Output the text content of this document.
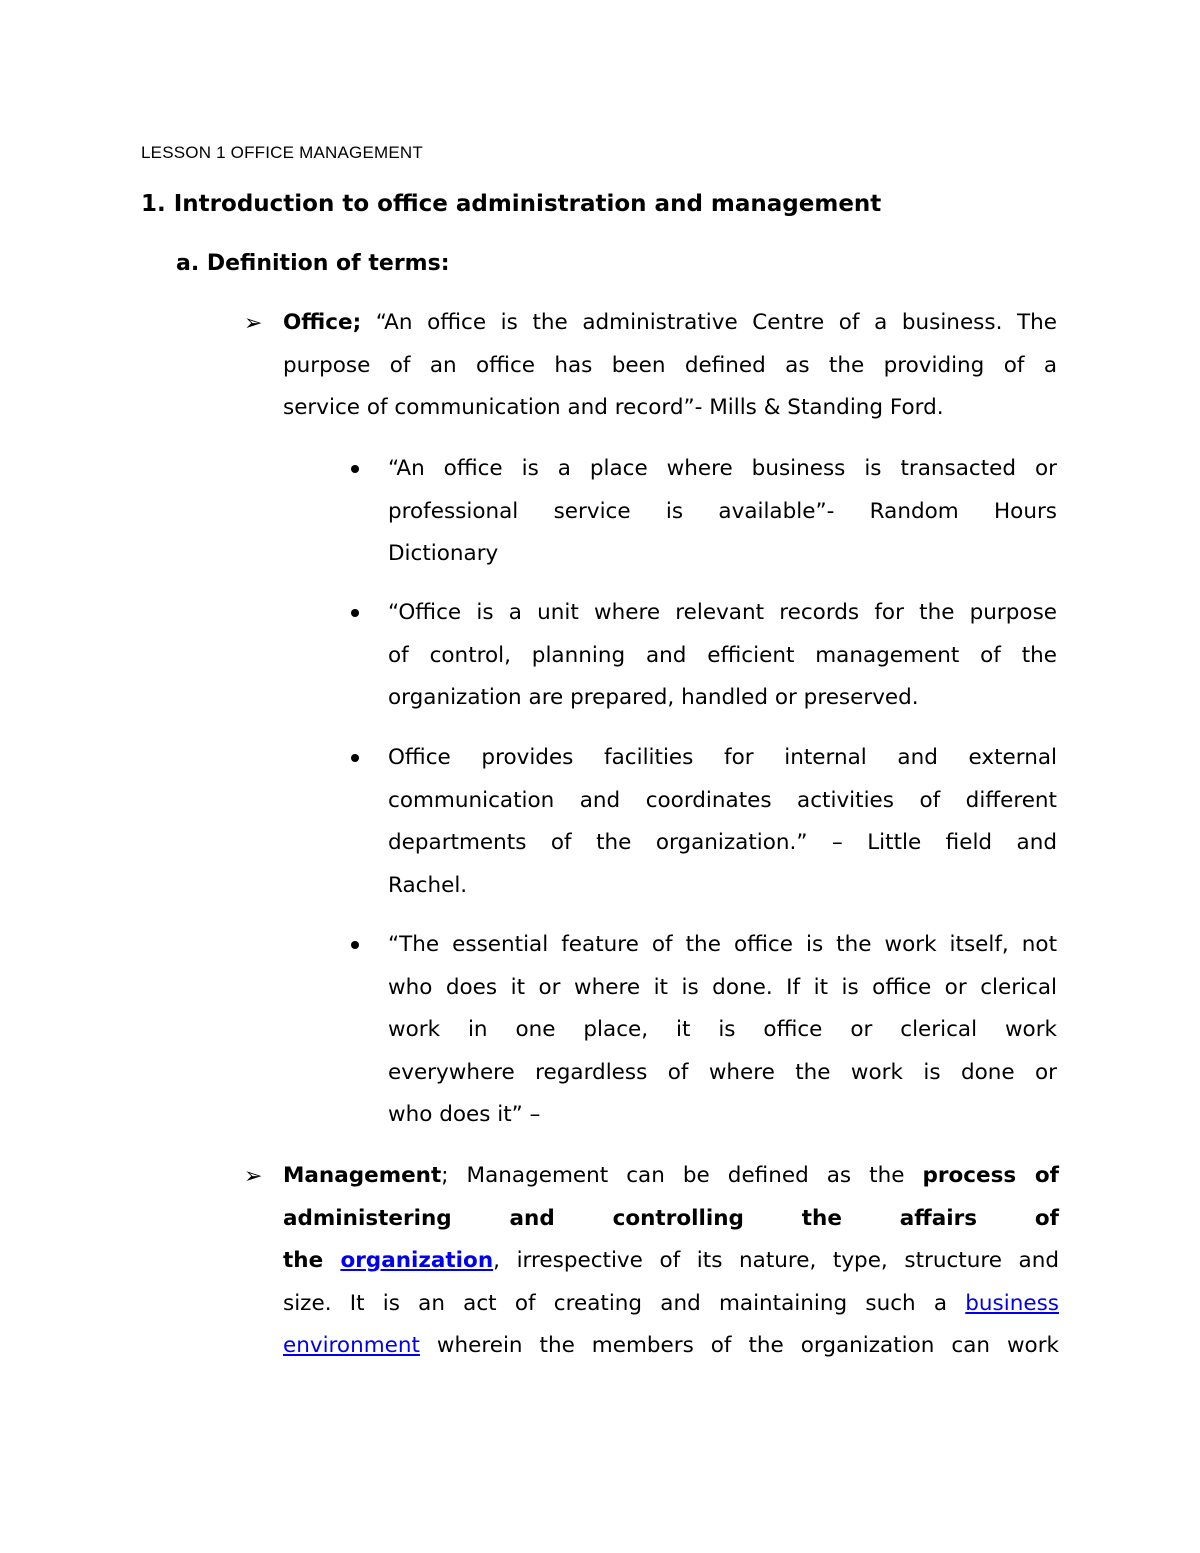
LESSON 1 OFFICE MANAGEMENT
1. Introduction to office administration and management
a. Definition of terms:
➢ Office; “An office is the administrative Centre of a business. The
purpose of an office has been defined as the providing of a
service of communication and record”- Mills & Standing Ford.
“An office is a place where business is transacted or
professional service is available”- Random Hours
Dictionary
“Office is a unit where relevant records for the purpose
of control, planning and efficient management of the
organization are prepared, handled or preserved.
Office provides facilities for internal and external
communication and coordinates activities of different
departments of the organization.” – Little field and
Rachel.
“The essential feature of the office is the work itself, not
who does it or where it is done. If it is office or clerical
work in one place, it is office or clerical work
everywhere regardless of where the work is done or
who does it” –
➢ Management; Management can be defined as the process of
administering and controlling the affairs of
the organization, irrespective of its nature, type, structure and
size. It is an act of creating and maintaining such a business
environment wherein the members of the organization can work
